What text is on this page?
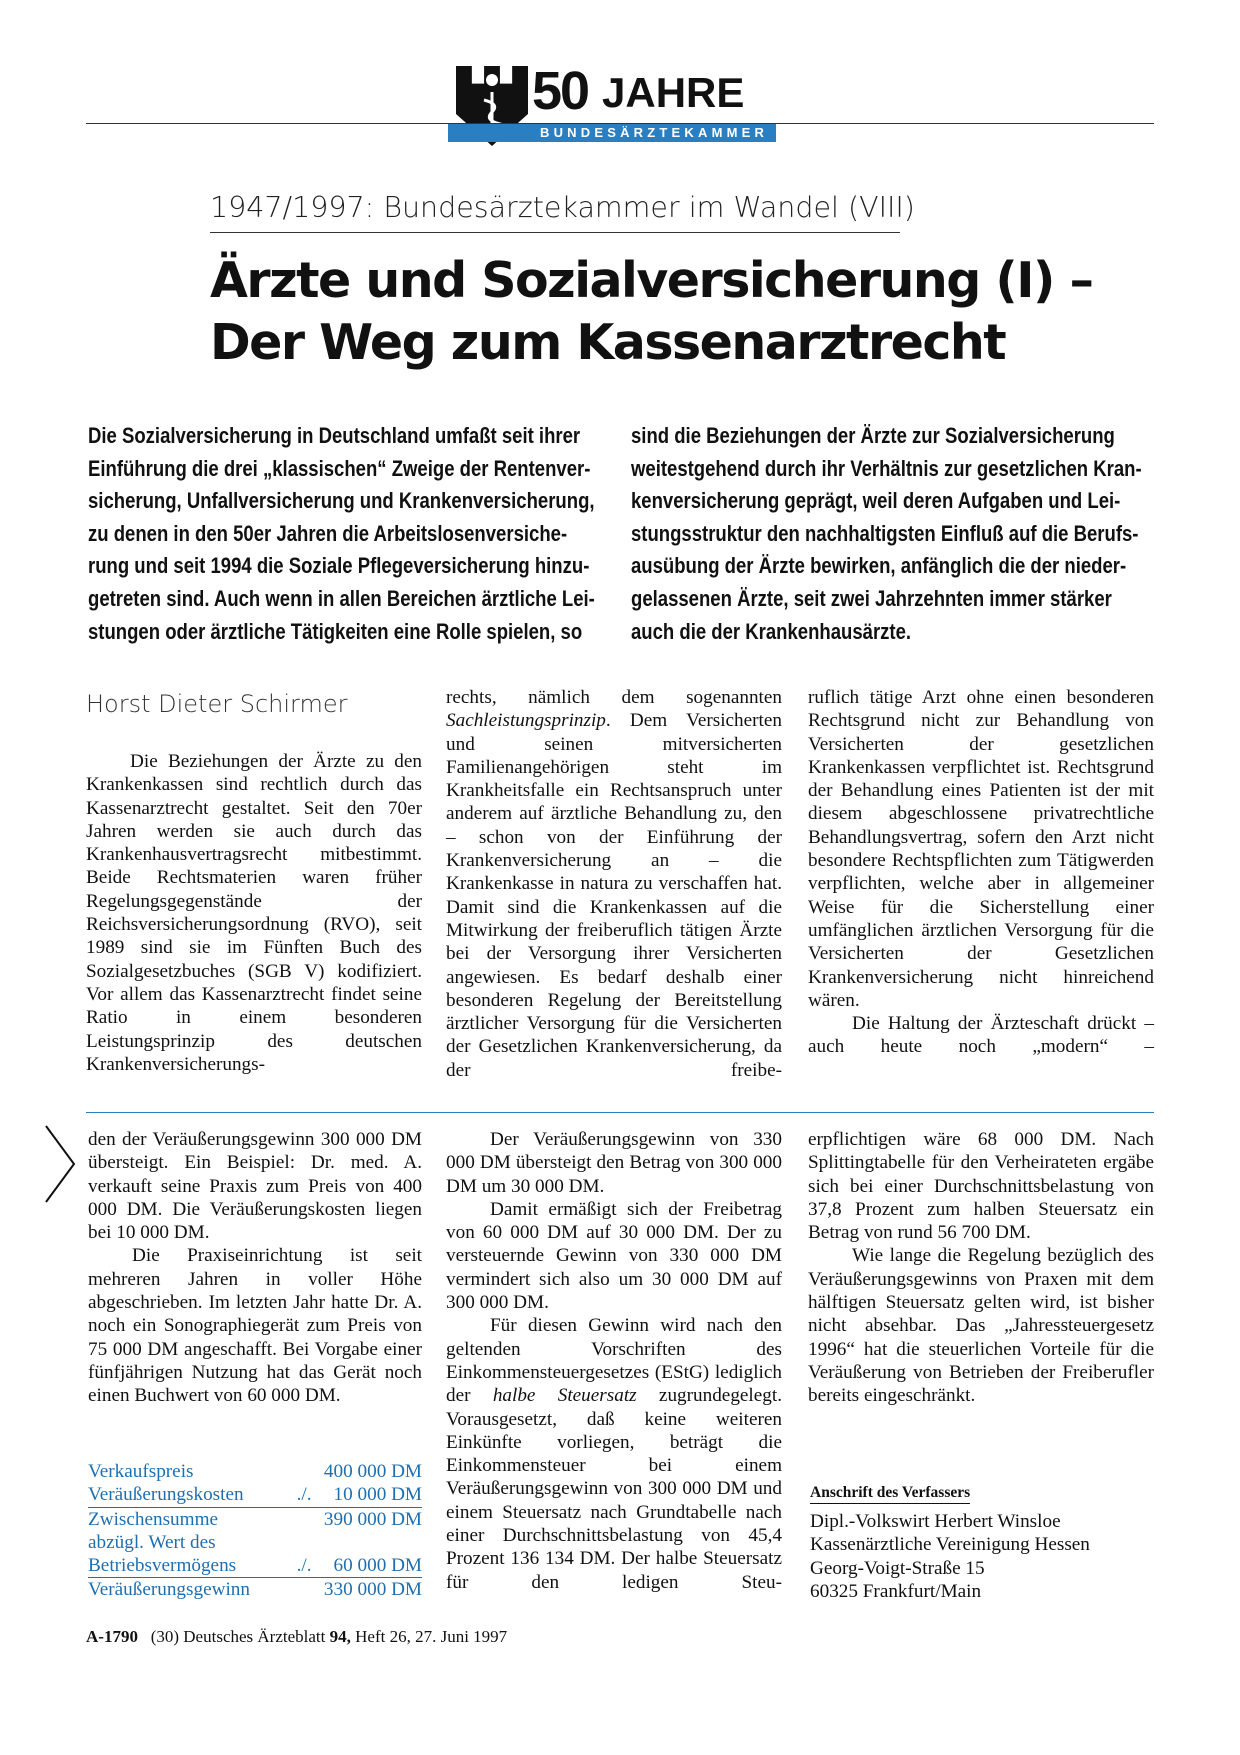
50 JAHRE
BUNDESÄRZTEKAMMER
1947/1997: Bundesärztekammer im Wandel (VIII)
Ärzte und Sozialversicherung (I) –
Der Weg zum Kassenarztrecht
Die Sozialversicherung in Deutschland umfaßt seit ihrer
Einführung die drei „klassischen“ Zweige der Rentenver-
sicherung, Unfallversicherung und Krankenversicherung,
zu denen in den 50er Jahren die Arbeitslosenversiche-
rung und seit 1994 die Soziale Pflegeversicherung hinzu-
getreten sind. Auch wenn in allen Bereichen ärztliche Lei-
stungen oder ärztliche Tätigkeiten eine Rolle spielen, so
sind die Beziehungen der Ärzte zur Sozialversicherung
weitestgehend durch ihr Verhältnis zur gesetzlichen Kran-
kenversicherung geprägt, weil deren Aufgaben und Lei-
stungsstruktur den nachhaltigsten Einfluß auf die Berufs-
ausübung der Ärzte bewirken, anfänglich die der nieder-
gelassenen Ärzte, seit zwei Jahrzehnten immer stärker
auch die der Krankenhausärzte.
Horst Dieter Schirmer

Die Beziehungen der Ärzte zu den Krankenkassen sind rechtlich durch das Kassenarztrecht gestaltet. Seit den 70er Jahren werden sie auch durch das Krankenhausvertragsrecht mitbestimmt. Beide Rechtsmaterien waren früher Regelungsgegenstände der Reichsversicherungsordnung (RVO), seit 1989 sind sie im Fünften Buch des Sozialgesetzbuches (SGB V) kodifiziert. Vor allem das Kassenarztrecht findet seine Ratio in einem besonderen Leistungsprinzip des deutschen Krankenversicherungs-

rechts, nämlich dem sogenannten Sachleistungsprinzip. Dem Versicherten und seinen mitversicherten Familienangehörigen steht im Krankheitsfalle ein Rechtsanspruch unter anderem auf ärztliche Behandlung zu, den – schon von der Einführung der Krankenversicherung an – die Krankenkasse in natura zu verschaffen hat. Damit sind die Krankenkassen auf die Mitwirkung der freiberuflich tätigen Ärzte bei der Versorgung ihrer Versicherten angewiesen. Es bedarf deshalb einer besonderen Regelung der Bereitstellung ärztlicher Versorgung für die Versicherten der Gesetzlichen Krankenversicherung, da der freibe-

ruflich tätige Arzt ohne einen besonderen Rechtsgrund nicht zur Behandlung von Versicherten der gesetzlichen Krankenkassen verpflichtet ist. Rechtsgrund der Behandlung eines Patienten ist der mit diesem abgeschlossene privatrechtliche Behandlungsvertrag, sofern den Arzt nicht besondere Rechtspflichten zum Tätigwerden verpflichten, welche aber in allgemeiner Weise für die Sicherstellung einer umfänglichen ärztlichen Versorgung für die Versicherten der Gesetzlichen Krankenversicherung nicht hinreichend wären.

Die Haltung der Ärzteschaft drückt – auch heute noch „modern“ –

den der Veräußerungsgewinn 300 000 DM übersteigt. Ein Beispiel: Dr. med. A. verkauft seine Praxis zum Preis von 400 000 DM. Die Veräußerungskosten liegen bei 10 000 DM.

Die Praxiseinrichtung ist seit mehreren Jahren in voller Höhe abgeschrieben. Im letzten Jahr hatte Dr. A. noch ein Sonographiegerät zum Preis von 75 000 DM angeschafft. Bei Vorgabe einer fünfjährigen Nutzung hat das Gerät noch einen Buchwert von 60 000 DM.

Verkaufspreis	400 000 DM
Veräußerungskosten	./. 10 000 DM
Zwischensumme	390 000 DM
abzügl. Wert des
Betriebsvermögens	./. 60 000 DM
Veräußerungsgewinn	330 000 DM

Der Veräußerungsgewinn von 330 000 DM übersteigt den Betrag von 300 000 DM um 30 000 DM.

Damit ermäßigt sich der Freibetrag von 60 000 DM auf 30 000 DM. Der zu versteuernde Gewinn von 330 000 DM vermindert sich also um 30 000 DM auf 300 000 DM.

Für diesen Gewinn wird nach den geltenden Vorschriften des Einkommensteuergesetzes (EStG) lediglich der halbe Steuersatz zugrundegelegt. Vorausgesetzt, daß keine weiteren Einkünfte vorliegen, beträgt die Einkommensteuer bei einem Veräußerungsgewinn von 300 000 DM und einem Steuersatz nach Grundtabelle nach einer Durchschnittsbelastung von 45,4 Prozent 136 134 DM. Der halbe Steuersatz für den ledigen Steu-

erpflichtigen wäre 68 000 DM. Nach Splittingtabelle für den Verheirateten ergäbe sich bei einer Durchschnittsbelastung von 37,8 Prozent zum halben Steuersatz ein Betrag von rund 56 700 DM.

Wie lange die Regelung bezüglich des Veräußerungsgewinns von Praxen mit dem hälftigen Steuersatz gelten wird, ist bisher nicht absehbar. Das „Jahressteuergesetz 1996“ hat die steuerlichen Vorteile für die Veräußerung von Betrieben der Freiberufler bereits eingeschränkt.

Anschrift des Verfassers
Dipl.-Volkswirt Herbert Winsloe
Kassenärztliche Vereinigung Hessen
Georg-Voigt-Straße 15
60325 Frankfurt/Main
A-1790 (30) Deutsches Ärzteblatt 94, Heft 26, 27. Juni 1997
